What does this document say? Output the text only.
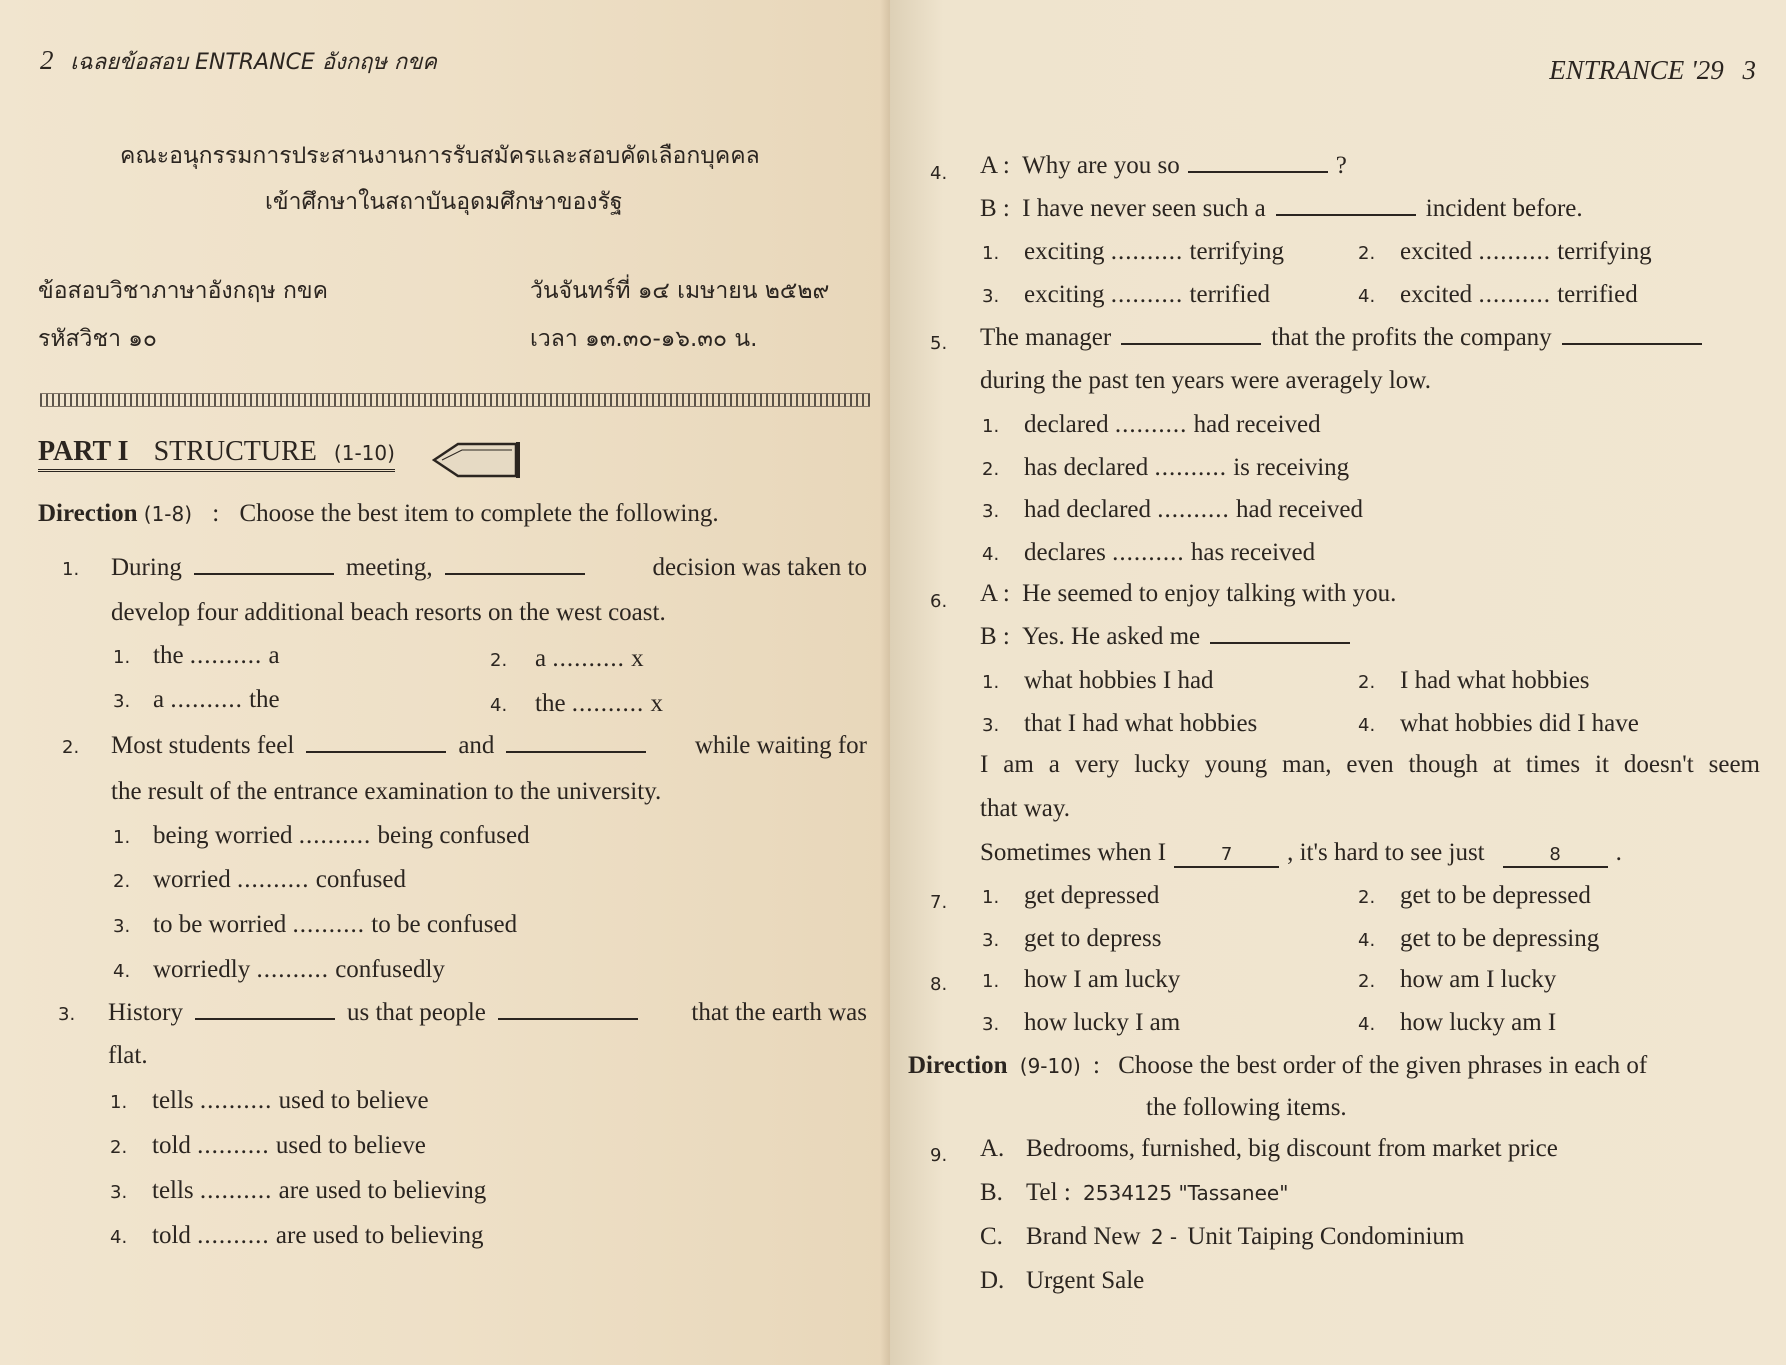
2 เฉลยข้อสอบ ENTRANCE อังกฤษ กขค
คณะอนุกรรมการประสานงานการรับสมัครและสอบคัดเลือกบุคคล
เข้าศึกษาในสถาบันอุดมศึกษาของรัฐ
ข้อสอบวิชาภาษาอังกฤษ กขค	วันจันทร์ที่ ๑๔ เมษายน ๒๕๒๙
รหัสวิชา ๑๐	เวลา ๑๓.๓๐-๑๖.๓๐ น.
PART I STRUCTURE (1-10)
Direction (1-8) : Choose the best item to complete the following.
1. During	meeting,	decision was taken to
develop four additional beach resorts on the west coast.
1. the .......... a	2. a .......... x
3. a .......... the	4. the .......... x
2. Most students feel	and	while waiting for
the result of the entrance examination to the university.
1. being worried .......... being confused
2. worried .......... confused
3. to be worried .......... to be confused
4. worriedly .......... confusedly
3. History	us that people	that the earth was
flat.
1. tells .......... used to believe
2. told .......... used to believe
3. tells .......... are used to believing
4. told .......... are used to believing
ENTRANCE '29 3
4. A : Why are you so	?
B : I have never seen such a	incident before.
1. exciting .......... terrifying	2. excited .......... terrifying
3. exciting .......... terrified	4. excited .......... terrified
5. The manager	that the profits the company
during the past ten years were averagely low.
1. declared .......... had received
2. has declared .......... is receiving
3. had declared .......... had received
4. declares .......... has received
6. A : He seemed to enjoy talking with you.
B : Yes. He asked me
1. what hobbies I had	2. I had what hobbies
3. that I had what hobbies	4. what hobbies did I have
I am a very lucky young man, even though at times it doesn't seem
that way.
Sometimes when I	7 , it's hard to see just	8 .
7. 1. get depressed	2. get to be depressed
3. get to depress	4. get to be depressing
8. 1. how I am lucky	2. how am I lucky
3. how lucky I am	4. how lucky am I
Direction (9-10) : Choose the best order of the given phrases in each of
the following items.
9. A. Bedrooms, furnished, big discount from market price
B. Tel : 2534125 "Tassanee"
C. Brand New 2 - Unit Taiping Condominium
D. Urgent Sale
